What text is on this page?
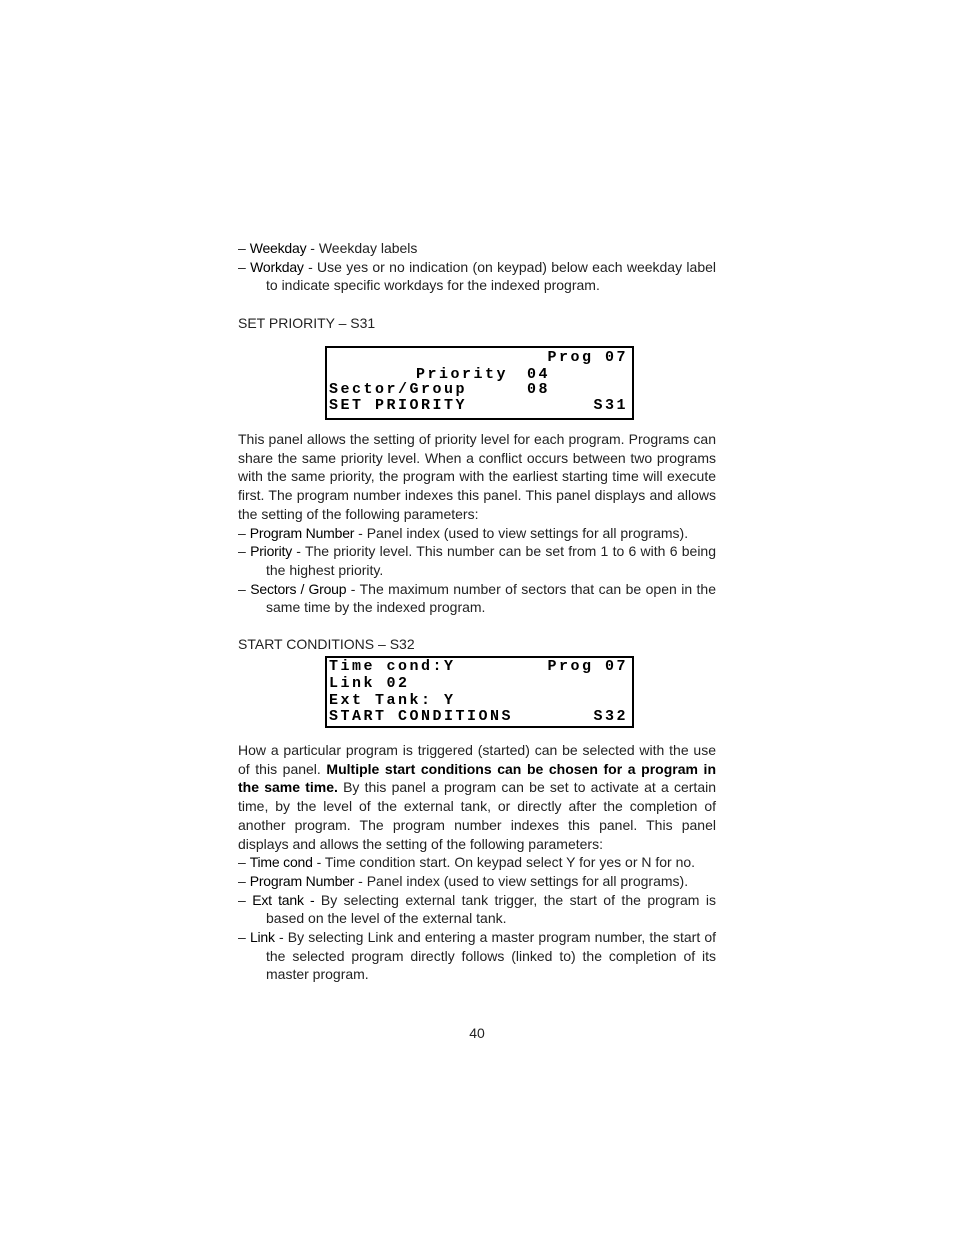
– Weekday - Weekday labels
– Workday - Use yes or no indication (on keypad) below each weekday label to indicate specific workdays for the indexed program.
SET PRIORITY – S31
Prog 07
Priority 04
Sector/Group	08
SET PRIORITY	S31
This panel allows the setting of priority level for each program. Programs can share the same priority level. When a conflict occurs between two programs with the same priority, the program with the earliest starting time will execute first. The program number indexes this panel. This panel displays and allows the setting of the following parameters:
– Program Number - Panel index (used to view settings for all programs).
– Priority - The priority level. This number can be set from 1 to 6 with 6 being the highest priority.
– Sectors / Group - The maximum number of sectors that can be open in the same time by the indexed program.
START CONDITIONS – S32
Time cond:Y	Prog 07
Link 02
Ext Tank: Y
START CONDITIONS	S32
How a particular program is triggered (started) can be selected with the use of this panel. Multiple start conditions can be chosen for a program in the same time. By this panel a program can be set to activate at a certain time, by the level of the external tank, or directly after the completion of another program. The program number indexes this panel. This panel displays and allows the setting of the following parameters:
– Time cond - Time condition start. On keypad select Y for yes or N for no.
– Program Number - Panel index (used to view settings for all programs).
– Ext tank - By selecting external tank trigger, the start of the program is based on the level of the external tank.
– Link - By selecting Link and entering a master program number, the start of the selected program directly follows (linked to) the completion of its master program.
40
